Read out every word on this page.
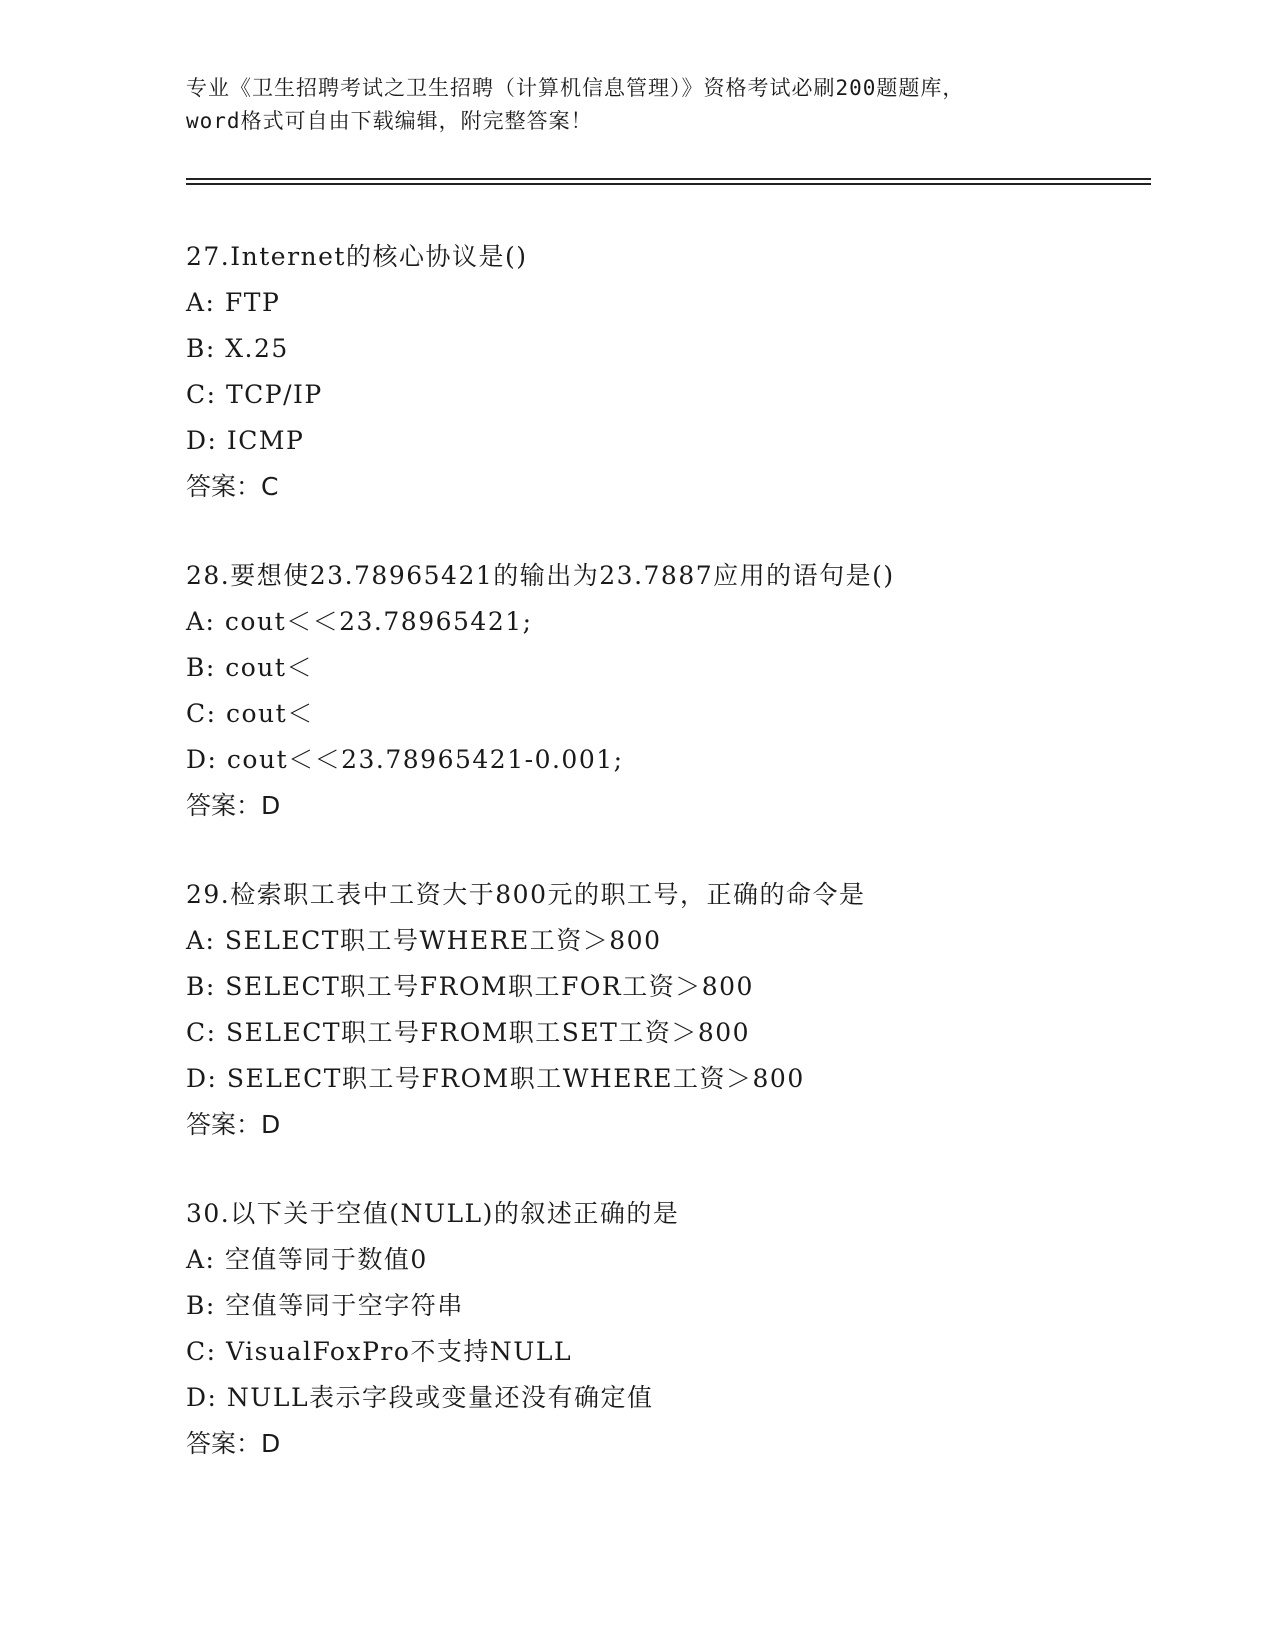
专业《卫生招聘考试之卫生招聘（计算机信息管理）》资格考试必刷200题题库，
word格式可自由下载编辑，附完整答案！
27.Internet的核心协议是()
A: FTP
B: X.25
C: TCP/IP
D: ICMP
答案：C
28.要想使23.78965421的输出为23.7887应用的语句是()
A: cout＜＜23.78965421;
B: cout＜
C: cout＜
D: cout＜＜23.78965421-0.001;
答案：D
29.检索职工表中工资大于800元的职工号，正确的命令是
A: SELECT职工号WHERE工资＞800
B: SELECT职工号FROM职工FOR工资＞800
C: SELECT职工号FROM职工SET工资＞800
D: SELECT职工号FROM职工WHERE工资＞800
答案：D
30.以下关于空值(NULL)的叙述正确的是
A: 空值等同于数值0
B: 空值等同于空字符串
C: VisualFoxPro不支持NULL
D: NULL表示字段或变量还没有确定值
答案：D
